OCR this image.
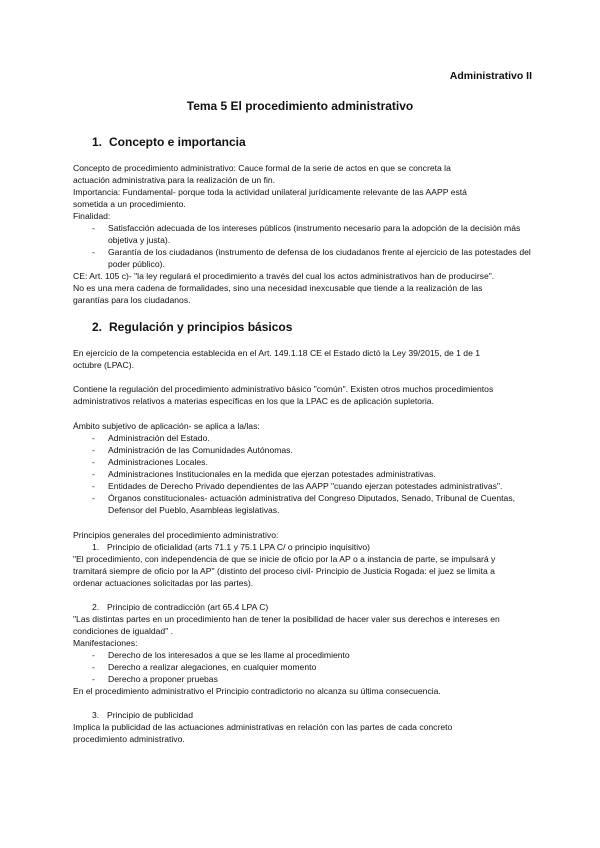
Administrativo II
Tema 5 El procedimiento administrativo
1. Concepto e importancia
Concepto de procedimiento administrativo: Cauce formal de la serie de actos en que se concreta la
actuación administrativa para la realización de un fin.
Importancia: Fundamental- porque toda la actividad unilateral jurídicamente relevante de las AAPP está
sometida a un procedimiento.
Finalidad:
- Satisfacción adecuada de los intereses públicos (instrumento necesario para la adopción de la decisión más objetiva y justa).
- Garantía de los ciudadanos (instrumento de defensa de los ciudadanos frente al ejercicio de las potestades del poder público).
CE: Art. 105 c)- "la ley regulará el procedimiento a través del cual los actos administrativos han de producirse".
No es una mera cadena de formalidades, sino una necesidad inexcusable que tiende a la realización de las
garantías para los ciudadanos.
2. Regulación y principios básicos
En ejercicio de la competencia establecida en el Art. 149.1.18 CE el Estado dictó la Ley 39/2015, de 1 de 1
octubre (LPAC).
Contiene la regulación del procedimiento administrativo básico "común". Existen otros muchos procedimientos
administrativos relativos a materias específicas en los que la LPAC es de aplicación supletoria.
Ámbito subjetivo de aplicación- se aplica a la/las:
- Administración del Estado.
- Administración de las Comunidades Autónomas.
- Administraciones Locales.
- Administraciones Institucionales en la medida que ejerzan potestades administrativas.
- Entidades de Derecho Privado dependientes de las AAPP "cuando ejerzan potestades administrativas".
- Órganos constitucionales- actuación administrativa del Congreso Diputados, Senado, Tribunal de Cuentas, Defensor del Pueblo, Asambleas legislativas.
Principios generales del procedimiento administrativo:
1. Principio de oficialidad (arts 71.1 y 75.1 LPA C/ o principio inquisitivo)
"El procedimiento, con independencia de que se inicie de oficio por la AP o a instancia de parte, se impulsará y
tramitará siempre de oficio por la AP" (distinto del proceso civil- Principio de Justicia Rogada: el juez se limita a
ordenar actuaciones solicitadas por las partes).
2. Principio de contradicción (art 65.4 LPA C)
"Las distintas partes en un procedimiento han de tener la posibilidad de hacer valer sus derechos e intereses en
condiciones de igualdad" .
Manifestaciones:
- Derecho de los interesados a que se les llame al procedimiento
- Derecho a realizar alegaciones, en cualquier momento
- Derecho a proponer pruebas
En el procedimiento administrativo el Principio contradictorio no alcanza su última consecuencia.
3. Principio de publicidad
Implica la publicidad de las actuaciones administrativas en relación con las partes de cada concreto
procedimiento administrativo.
